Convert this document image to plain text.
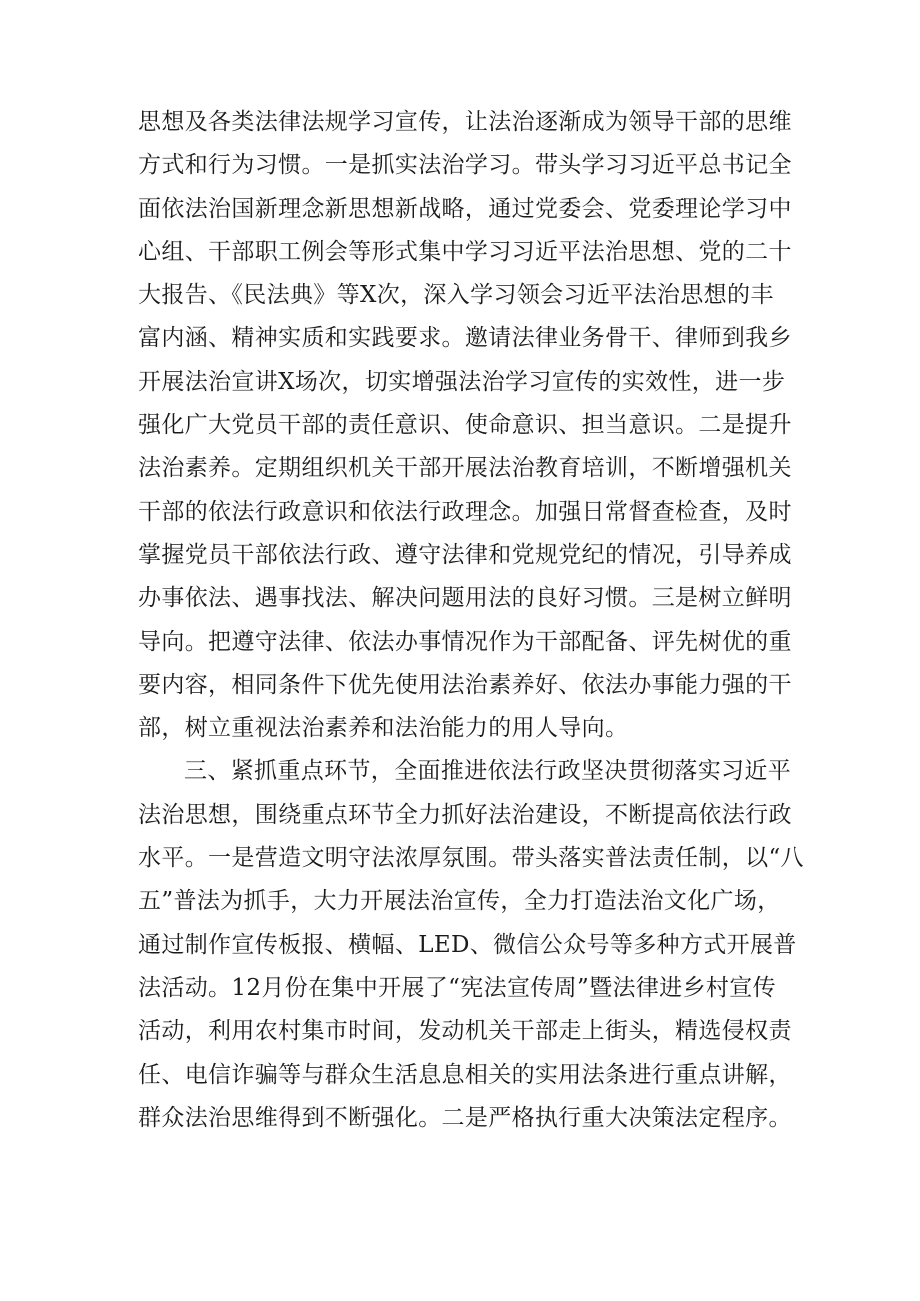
思想及各类法律法规学习宣传，让法治逐渐成为领导干部的思维
方式和行为习惯。一是抓实法治学习。带头学习习近平总书记全
面依法治国新理念新思想新战略，通过党委会、党委理论学习中
心组、干部职工例会等形式集中学习习近平法治思想、党的二十
大报告、《民法典》等X次，深入学习领会习近平法治思想的丰
富内涵、精神实质和实践要求。邀请法律业务骨干、律师到我乡
开展法治宣讲X场次，切实增强法治学习宣传的实效性，进一步
强化广大党员干部的责任意识、使命意识、担当意识。二是提升
法治素养。定期组织机关干部开展法治教育培训，不断增强机关
干部的依法行政意识和依法行政理念。加强日常督查检查，及时
掌握党员干部依法行政、遵守法律和党规党纪的情况，引导养成
办事依法、遇事找法、解决问题用法的良好习惯。三是树立鲜明
导向。把遵守法律、依法办事情况作为干部配备、评先树优的重
要内容，相同条件下优先使用法治素养好、依法办事能力强的干
部，树立重视法治素养和法治能力的用人导向。
三、紧抓重点环节，全面推进依法行政坚决贯彻落实习近平
法治思想，围绕重点环节全力抓好法治建设，不断提高依法行政
水平。一是营造文明守法浓厚氛围。带头落实普法责任制，以“八
五”普法为抓手，大力开展法治宣传，全力打造法治文化广场，
通过制作宣传板报、横幅、LED、微信公众号等多种方式开展普
法活动。12月份在集中开展了“宪法宣传周”暨法律进乡村宣传
活动，利用农村集市时间，发动机关干部走上街头，精选侵权责
任、电信诈骗等与群众生活息息相关的实用法条进行重点讲解，
群众法治思维得到不断强化。二是严格执行重大决策法定程序。
